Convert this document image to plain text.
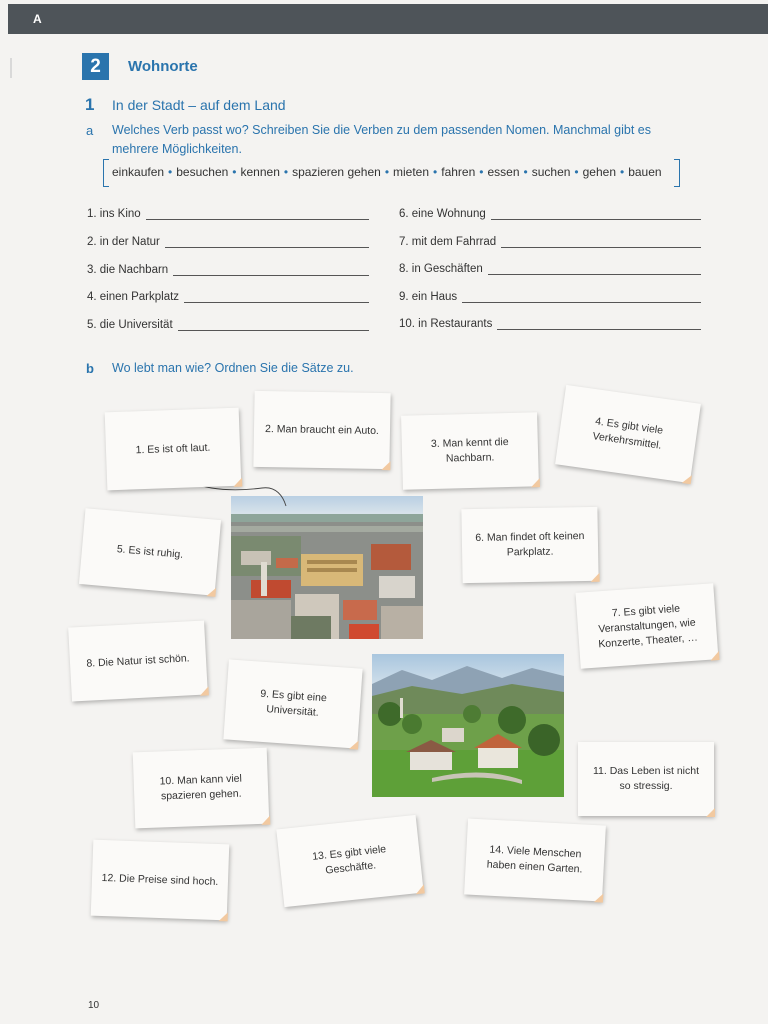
A
2	Wohnorte
1 In der Stadt – auf dem Land
a Welches Verb passt wo? Schreiben Sie die Verben zu dem passenden Nomen. Manchmal gibt es mehrere Möglichkeiten.
einkaufen • besuchen • kennen • spazieren gehen • mieten • fahren • essen • suchen • gehen • bauen
1. ins Kino
2. in der Natur
3. die Nachbarn
4. einen Parkplatz
5. die Universität
6. eine Wohnung
7. mit dem Fahrrad
8. in Geschäften
9. ein Haus
10. in Restaurants
b Wo lebt man wie? Ordnen Sie die Sätze zu.
1. Es ist oft laut.
2. Man braucht ein Auto.
3. Man kennt die Nachbarn.
4. Es gibt viele Verkehrsmittel.
5. Es ist ruhig.
6. Man findet oft keinen Parkplatz.
7. Es gibt viele Veranstaltungen, wie Konzerte, Theater, …
8. Die Natur ist schön.
9. Es gibt eine Universität.
10. Man kann viel spazieren gehen.
11. Das Leben ist nicht so stressig.
12. Die Preise sind hoch.
13. Es gibt viele Geschäfte.
14. Viele Menschen haben einen Garten.
10
